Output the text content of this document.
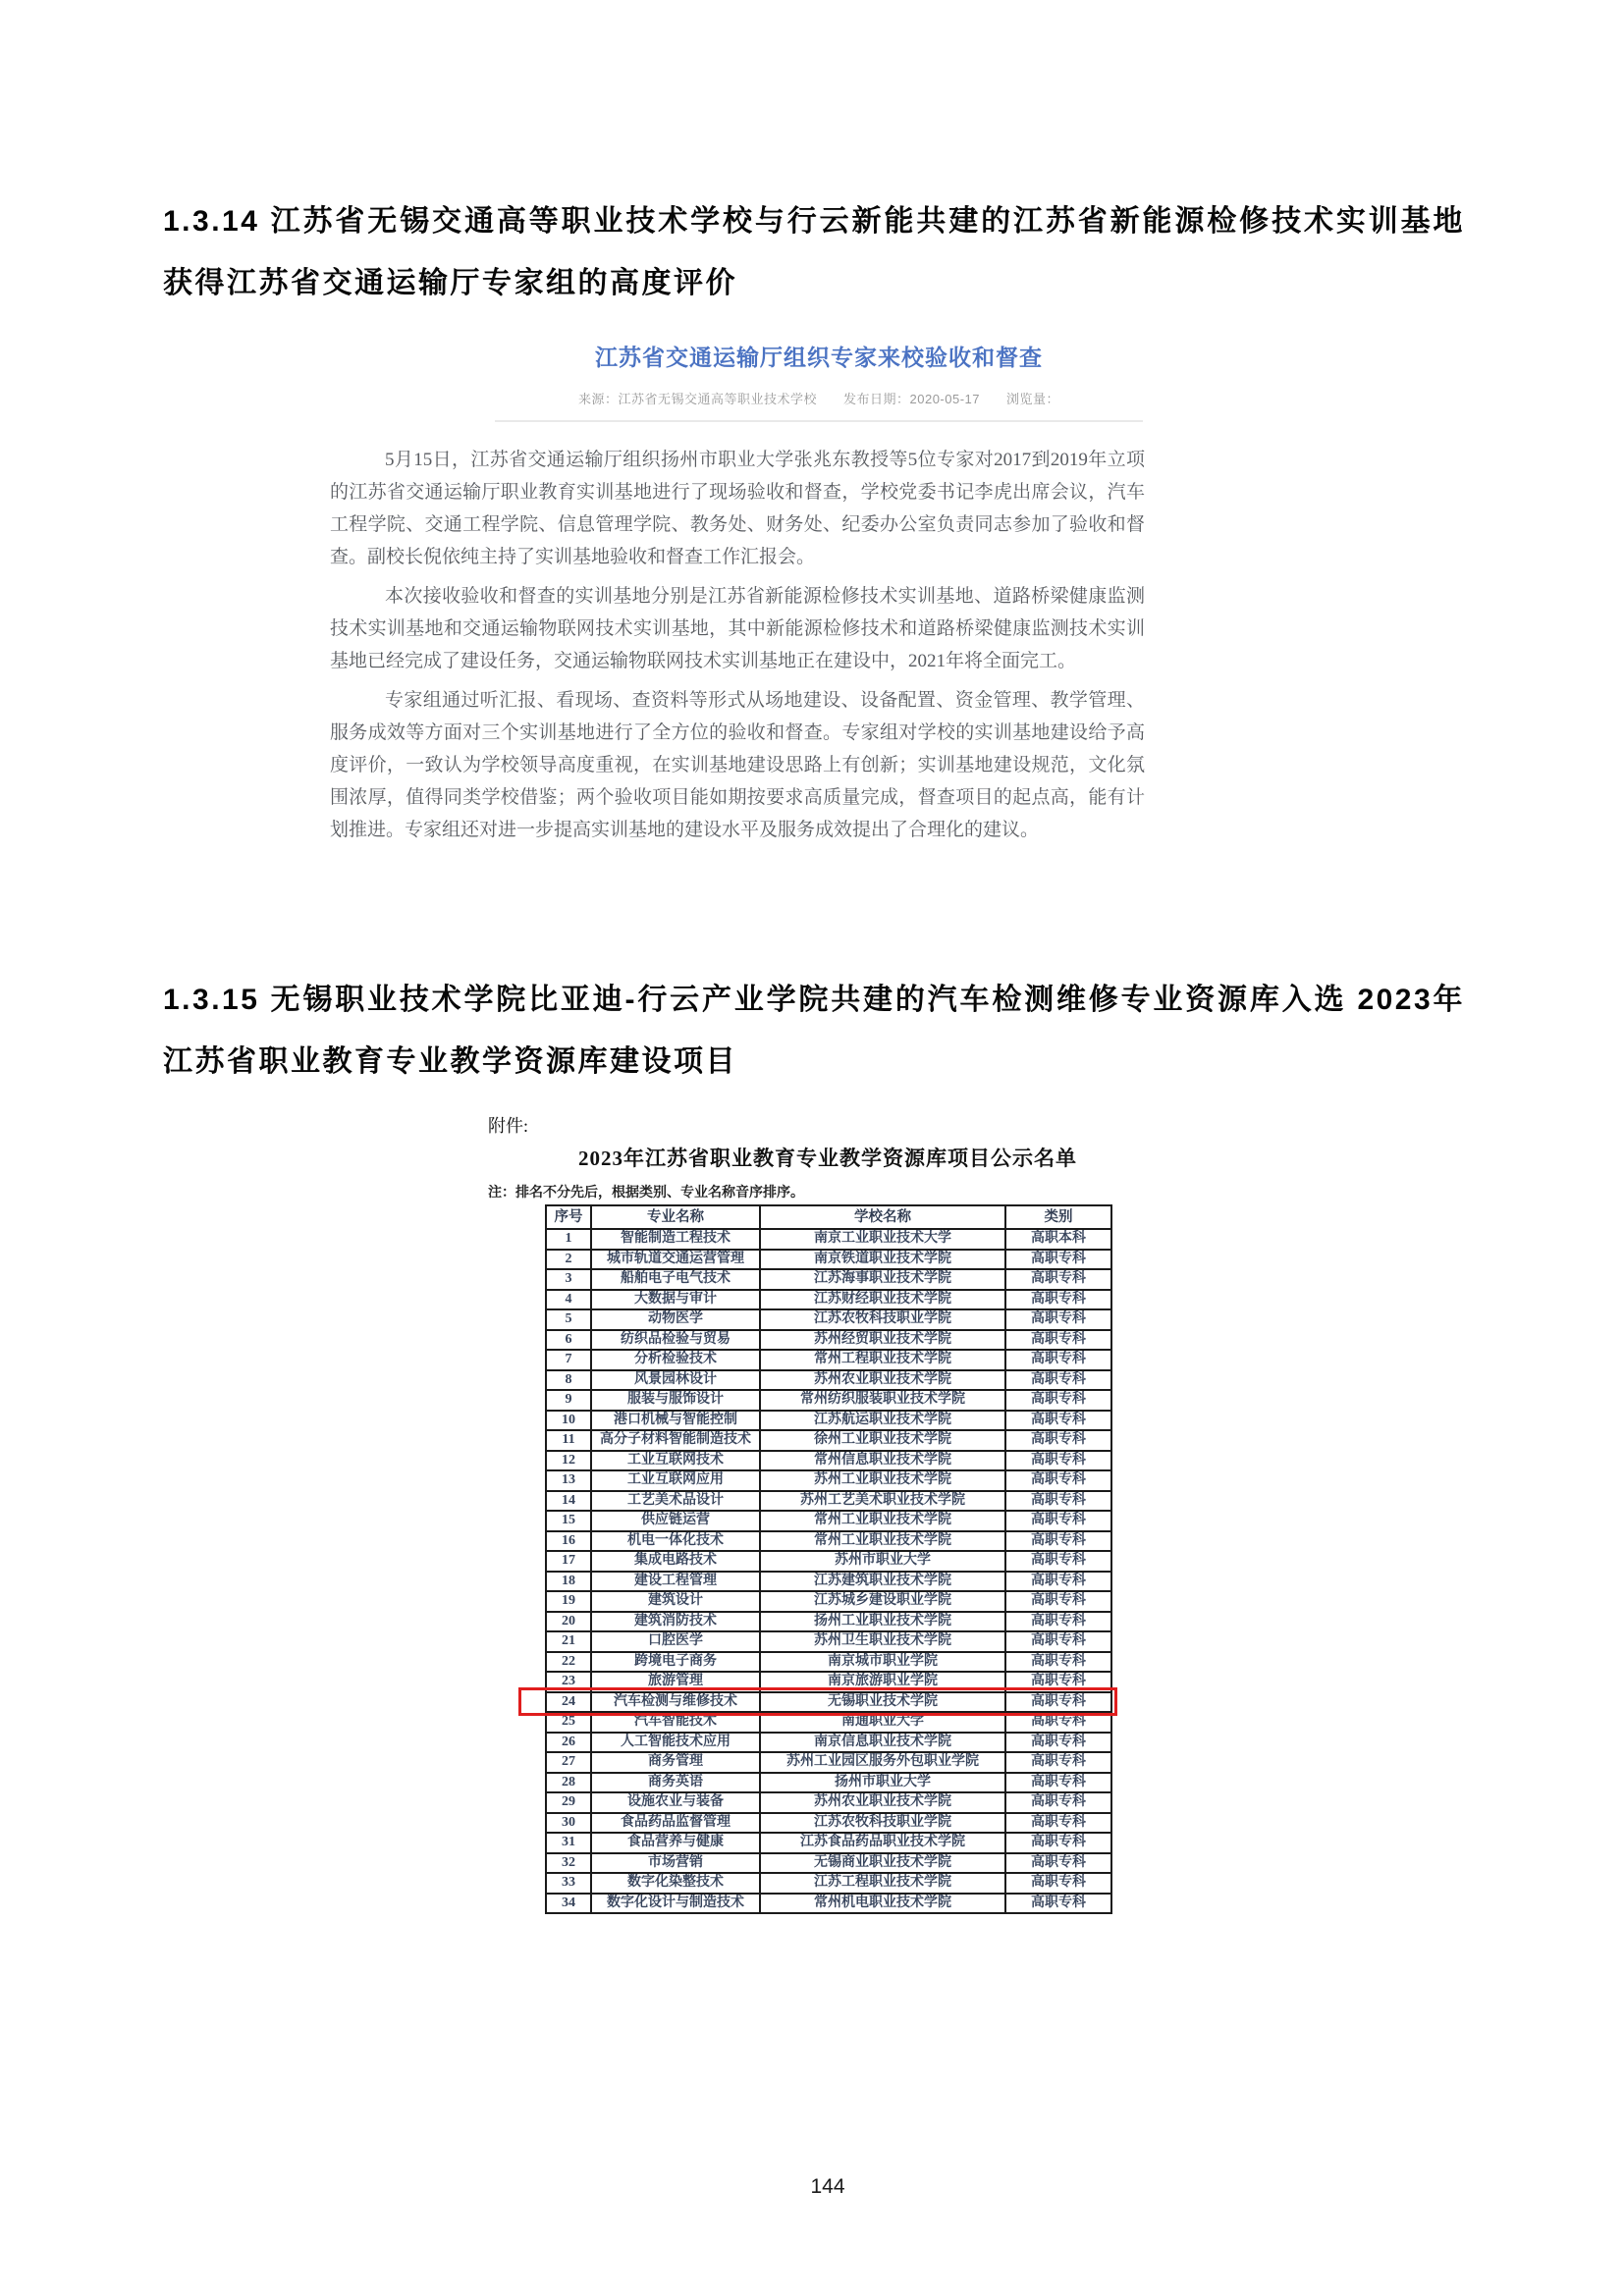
1.3.14 江苏省无锡交通高等职业技术学校与行云新能共建的江苏省新能源检修技术实训基地获得江苏省交通运输厅专家组的高度评价
江苏省交通运输厅组织专家来校验收和督查
来源：江苏省无锡交通高等职业技术学校　　发布日期：2020-05-17　　浏览量：

5月15日，江苏省交通运输厅组织扬州市职业大学张兆东教授等5位专家对2017到2019年立项的江苏省交通运输厅职业教育实训基地进行了现场验收和督查，学校党委书记李虎出席会议，汽车工程学院、交通工程学院、信息管理学院、教务处、财务处、纪委办公室负责同志参加了验收和督查。副校长倪依纯主持了实训基地验收和督查工作汇报会。

本次接收验收和督查的实训基地分别是江苏省新能源检修技术实训基地、道路桥梁健康监测技术实训基地和交通运输物联网技术实训基地，其中新能源检修技术和道路桥梁健康监测技术实训基地已经完成了建设任务，交通运输物联网技术实训基地正在建设中，2021年将全面完工。

专家组通过听汇报、看现场、查资料等形式从场地建设、设备配置、资金管理、教学管理、服务成效等方面对三个实训基地进行了全方位的验收和督查。专家组对学校的实训基地建设给予高度评价，一致认为学校领导高度重视，在实训基地建设思路上有创新；实训基地建设规范，文化氛围浓厚，值得同类学校借鉴；两个验收项目能如期按要求高质量完成，督查项目的起点高，能有计划推进。专家组还对进一步提高实训基地的建设水平及服务成效提出了合理化的建议。

1.3.15 无锡职业技术学院比亚迪-行云产业学院共建的汽车检测维修专业资源库入选 2023年江苏省职业教育专业教学资源库建设项目
附件:
2023年江苏省职业教育专业教学资源库项目公示名单
注：排名不分先后，根据类别、专业名称音序排序。
序号	专业名称	学校名称	类别
1	智能制造工程技术	南京工业职业技术大学	高职本科
2	城市轨道交通运营管理	南京铁道职业技术学院	高职专科
3	船舶电子电气技术	江苏海事职业技术学院	高职专科
4	大数据与审计	江苏财经职业技术学院	高职专科
5	动物医学	江苏农牧科技职业学院	高职专科
6	纺织品检验与贸易	苏州经贸职业技术学院	高职专科
7	分析检验技术	常州工程职业技术学院	高职专科
8	风景园林设计	苏州农业职业技术学院	高职专科
9	服装与服饰设计	常州纺织服装职业技术学院	高职专科
10	港口机械与智能控制	江苏航运职业技术学院	高职专科
11	高分子材料智能制造技术	徐州工业职业技术学院	高职专科
12	工业互联网技术	常州信息职业技术学院	高职专科
13	工业互联网应用	苏州工业职业技术学院	高职专科
14	工艺美术品设计	苏州工艺美术职业技术学院	高职专科
15	供应链运营	常州工业职业技术学院	高职专科
16	机电一体化技术	常州工业职业技术学院	高职专科
17	集成电路技术	苏州市职业大学	高职专科
18	建设工程管理	江苏建筑职业技术学院	高职专科
19	建筑设计	江苏城乡建设职业学院	高职专科
20	建筑消防技术	扬州工业职业技术学院	高职专科
21	口腔医学	苏州卫生职业技术学院	高职专科
22	跨境电子商务	南京城市职业学院	高职专科
23	旅游管理	南京旅游职业学院	高职专科
24	汽车检测与维修技术	无锡职业技术学院	高职专科
25	汽车智能技术	南通职业大学	高职专科
26	人工智能技术应用	南京信息职业技术学院	高职专科
27	商务管理	苏州工业园区服务外包职业学院	高职专科
28	商务英语	扬州市职业大学	高职专科
29	设施农业与装备	苏州农业职业技术学院	高职专科
30	食品药品监督管理	江苏农牧科技职业学院	高职专科
31	食品营养与健康	江苏食品药品职业技术学院	高职专科
32	市场营销	无锡商业职业技术学院	高职专科
33	数字化染整技术	江苏工程职业技术学院	高职专科
34	数字化设计与制造技术	常州机电职业技术学院	高职专科
144
